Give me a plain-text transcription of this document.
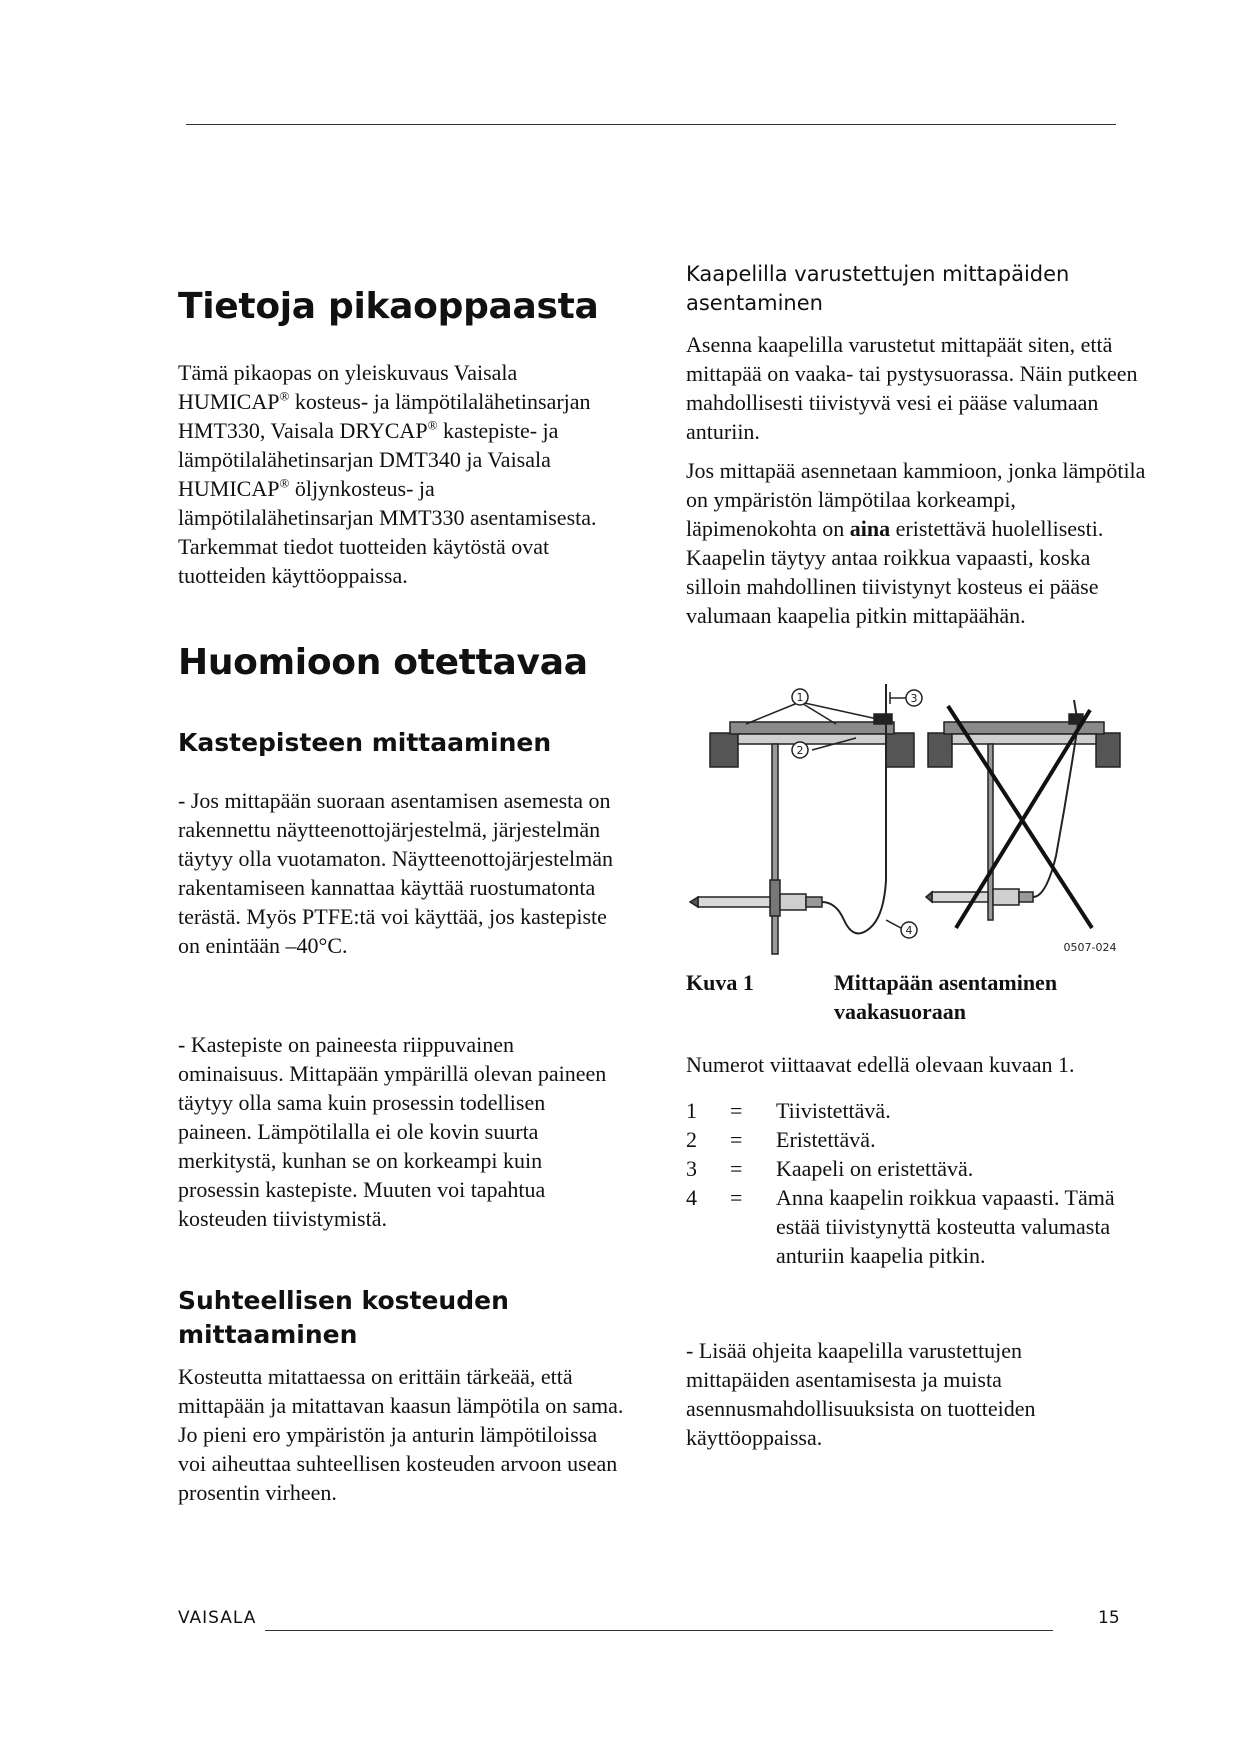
Tietoja pikaoppaasta

Tämä pikaopas on yleiskuvaus Vaisala HUMICAP® kosteus- ja lämpötilalähetinsarjan HMT330, Vaisala DRYCAP® kastepiste- ja lämpötilalähetinsarjan DMT340 ja Vaisala HUMICAP® öljynkosteus- ja lämpötilalähetinsarjan MMT330 asentamisesta. Tarkemmat tiedot tuotteiden käytöstä ovat tuotteiden käyttöoppaissa.

Huomioon otettavaa
Kastepisteen mittaaminen

- Jos mittapään suoraan asentamisen asemesta on rakennettu näytteenottojärjestelmä, järjestelmän täytyy olla vuotamaton. Näytteenottojärjestelmän rakentamiseen kannattaa käyttää ruostumatonta terästä. Myös PTFE:tä voi käyttää, jos kastepiste on enintään –40°C.

- Kastepiste on paineesta riippuvainen ominaisuus. Mittapään ympärillä olevan paineen täytyy olla sama kuin prosessin todellisen paineen. Lämpötilalla ei ole kovin suurta merkitystä, kunhan se on korkeampi kuin prosessin kastepiste. Muuten voi tapahtua kosteuden tiivistymistä.

Suhteellisen kosteuden mittaaminen

Kosteutta mitattaessa on erittäin tärkeää, että mittapään ja mitattavan kaasun lämpötila on sama. Jo pieni ero ympäristön ja anturin lämpötiloissa voi aiheuttaa suhteellisen kosteuden arvoon usean prosentin virheen.

Kaapelilla varustettujen mittapäiden asentaminen

Asenna kaapelilla varustetut mittapäät siten, että mittapää on vaaka- tai pystysuorassa. Näin putkeen mahdollisesti tiivistyvä vesi ei pääse valumaan anturiin.

Jos mittapää asennetaan kammioon, jonka lämpötila on ympäristön lämpötilaa korkeampi, läpimenokohta on aina eristettävä huolellisesti. Kaapelin täytyy antaa roikkua vapaasti, koska silloin mahdollinen tiivistynyt kosteus ei pääse valumaan kaapelia pitkin mittapäähän.

1
2
3
4
0507-024
Kuva 1	Mittapään asentaminen vaakasuoraan

Numerot viittaavat edellä olevaan kuvaan 1.

1	=	Tiivistettävä.
2	=	Eristettävä.
3	=	Kaapeli on eristettävä.
4	=	Anna kaapelin roikkua vapaasti. Tämä estää tiivistynyttä kosteutta valumasta anturiin kaapelia pitkin.

- Lisää ohjeita kaapelilla varustettujen mittapäiden asentamisesta ja muista asennusmahdollisuuksista on tuotteiden käyttöoppaissa.

VAISALA	15
